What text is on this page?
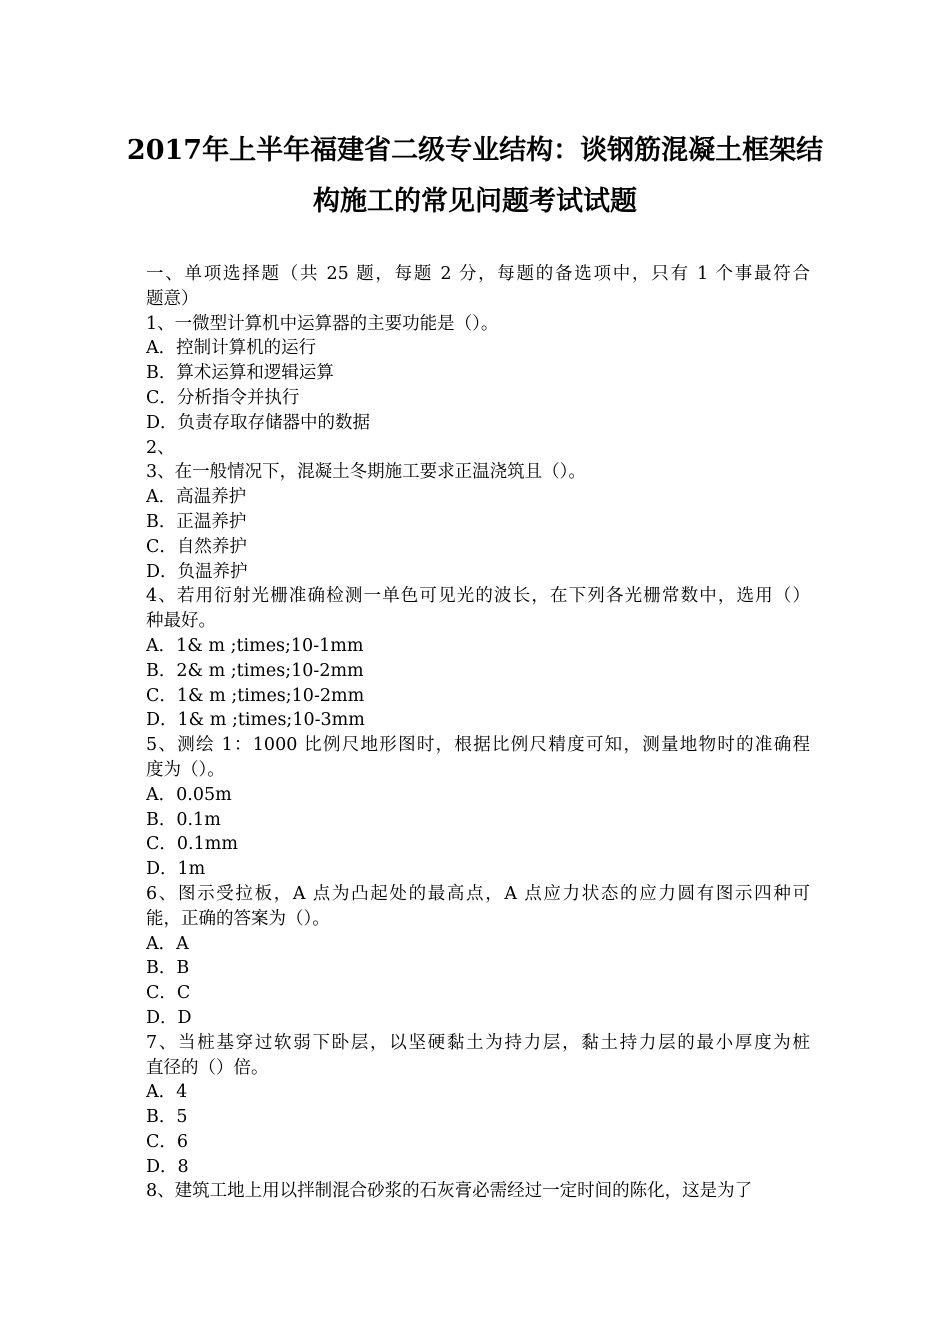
2017年上半年福建省二级专业结构：谈钢筋混凝土框架结
构施工的常见问题考试试题
一、单项选择题（共 25 题，每题 2 分，每题的备选项中，只有 1 个事最符合
题意）
1、一微型计算机中运算器的主要功能是（）。
A．控制计算机的运行
B．算术运算和逻辑运算
C．分析指令并执行
D．负责存取存储器中的数据
2、
3、在一般情况下，混凝土冬期施工要求正温浇筑且（）。
A．高温养护
B．正温养护
C．自然养护
D．负温养护
4、若用衍射光栅准确检测一单色可见光的波长，在下列各光栅常数中，选用（）
种最好。
A．1& m ;times;10-1mm
B．2& m ;times;10-2mm
C．1& m ;times;10-2mm
D．1& m ;times;10-3mm
5、测绘 1：1000 比例尺地形图时，根据比例尺精度可知，测量地物时的准确程
度为（）。
A．0.05m
B．0.1m
C．0.1mm
D．1m
6、图示受拉板，A 点为凸起处的最高点，A 点应力状态的应力圆有图示四种可
能，正确的答案为（）。
A．A
B．B
C．C
D．D
7、当桩基穿过软弱下卧层，以坚硬黏土为持力层，黏土持力层的最小厚度为桩
直径的（）倍。
A．4
B．5
C．6
D．8
8、建筑工地上用以拌制混合砂浆的石灰膏必需经过一定时间的陈化，这是为了
